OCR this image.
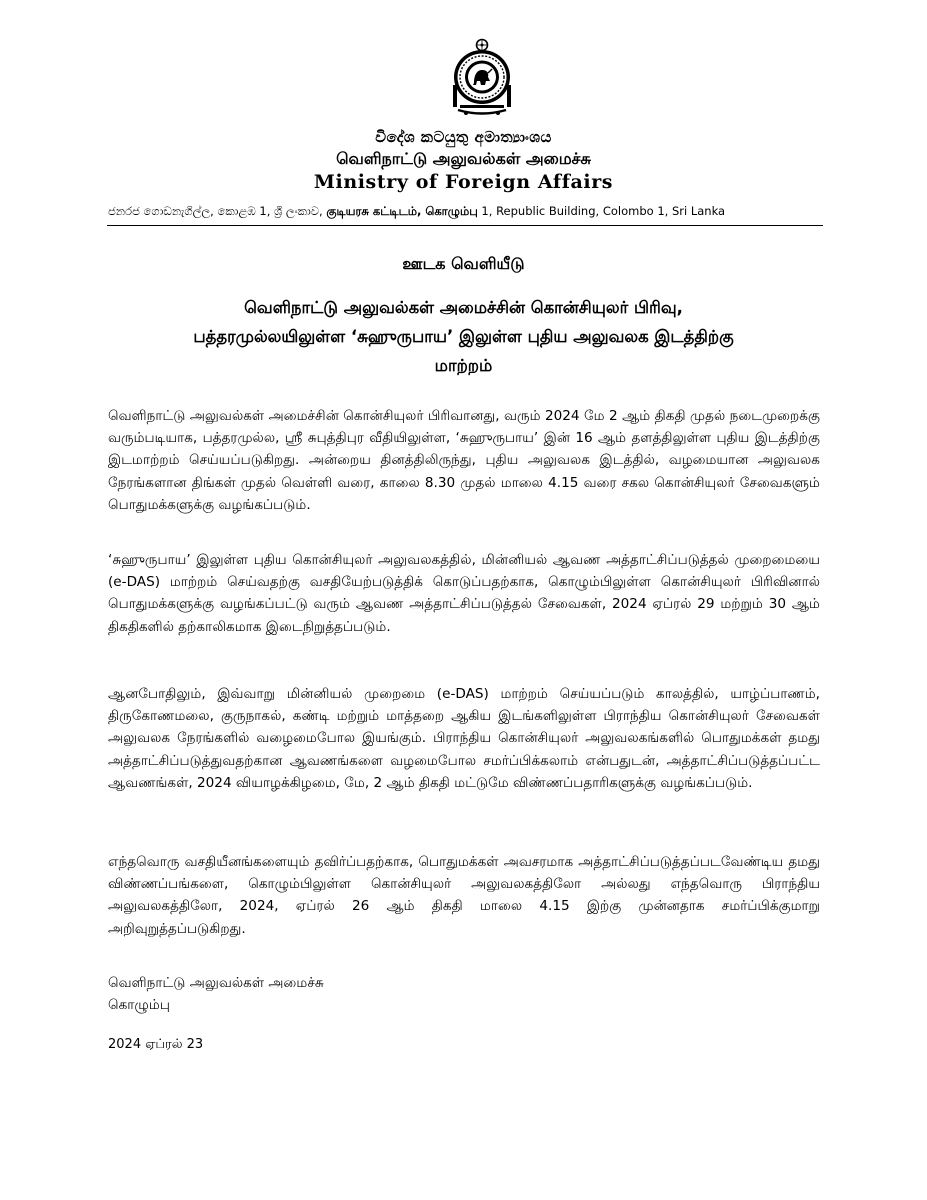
විදේශ කටයුතු අමාත්‍යාංශය
வெளிநாட்டு அலுவல்கள் அமைச்சு
Ministry of Foreign Affairs
ජනරජ ගොඩනැගිල්ල, කොළඹ 1, ශ්‍රී ලංකාව, குடியரசு கட்டிடம், கொழும்பு 1, Republic Building, Colombo 1, Sri Lanka
ஊடக வெளியீடு
வெளிநாட்டு அலுவல்கள் அமைச்சின் கொன்சியுலர் பிரிவு,
பத்தரமுல்லயிலுள்ள ‘சுஹுருபாய’ இலுள்ள புதிய அலுவலக இடத்திற்கு
மாற்றம்
வெளிநாட்டு அலுவல்கள் அமைச்சின் கொன்சியுலர் பிரிவானது, வரும் 2024 மே 2 ஆம் திகதி முதல் நடைமுறைக்கு வரும்படியாக, பத்தரமுல்ல, ஸ்ரீ சுபுத்திபுர வீதியிலுள்ள, ‘சுஹுருபாய’ இன் 16 ஆம் தளத்திலுள்ள புதிய இடத்திற்கு இடமாற்றம் செய்யப்படுகிறது. அன்றைய தினத்திலிருந்து, புதிய அலுவலக இடத்தில், வழமையான அலுவலக நேரங்களான திங்கள் முதல் வெள்ளி வரை, காலை 8.30 முதல் மாலை 4.15 வரை சகல கொன்சியுலர் சேவைகளும் பொதுமக்களுக்கு வழங்கப்படும்.
‘சுஹுருபாய’ இலுள்ள புதிய கொன்சியுலர் அலுவலகத்தில், மின்னியல் ஆவண அத்தாட்சிப்படுத்தல் முறைமையை (e-DAS) மாற்றம் செய்வதற்கு வசதியேற்படுத்திக் கொடுப்பதற்காக, கொழும்பிலுள்ள கொன்சியுலர் பிரிவினால் பொதுமக்களுக்கு வழங்கப்பட்டு வரும் ஆவண அத்தாட்சிப்படுத்தல் சேவைகள், 2024 ஏப்ரல் 29 மற்றும் 30 ஆம் திகதிகளில் தற்காலிகமாக இடைநிறுத்தப்படும்.
ஆனபோதிலும், இவ்வாறு மின்னியல் முறைமை (e-DAS) மாற்றம் செய்யப்படும் காலத்தில், யாழ்ப்பாணம், திருகோணமலை, குருநாகல், கண்டி மற்றும் மாத்தறை ஆகிய இடங்களிலுள்ள பிராந்திய கொன்சியுலர் சேவைகள் அலுவலக நேரங்களில் வழைமைபோல இயங்கும். பிராந்திய கொன்சியுலர் அலுவலகங்களில் பொதுமக்கள் தமது அத்தாட்சிப்படுத்துவதற்கான ஆவணங்களை வழமைபோல சமர்ப்பிக்கலாம் என்பதுடன், அத்தாட்சிப்படுத்தப்பட்ட ஆவணங்கள், 2024 வியாழக்கிழமை, மே, 2 ஆம் திகதி மட்டுமே விண்ணப்பதாரிகளுக்கு வழங்கப்படும்.
எந்தவொரு வசதியீனங்களையும் தவிர்ப்பதற்காக, பொதுமக்கள் அவசரமாக அத்தாட்சிப்படுத்தப்படவேண்டிய தமது விண்ணப்பங்களை, கொழும்பிலுள்ள கொன்சியுலர் அலுவலகத்திலோ அல்லது எந்தவொரு பிராந்திய அலுவலகத்திலோ, 2024, ஏப்ரல் 26 ஆம் திகதி மாலை 4.15 இற்கு முன்னதாக சமர்ப்பிக்குமாறு அறிவுறுத்தப்படுகிறது.
வெளிநாட்டு அலுவல்கள் அமைச்சு
கொழும்பு
2024 ஏப்ரல் 23
